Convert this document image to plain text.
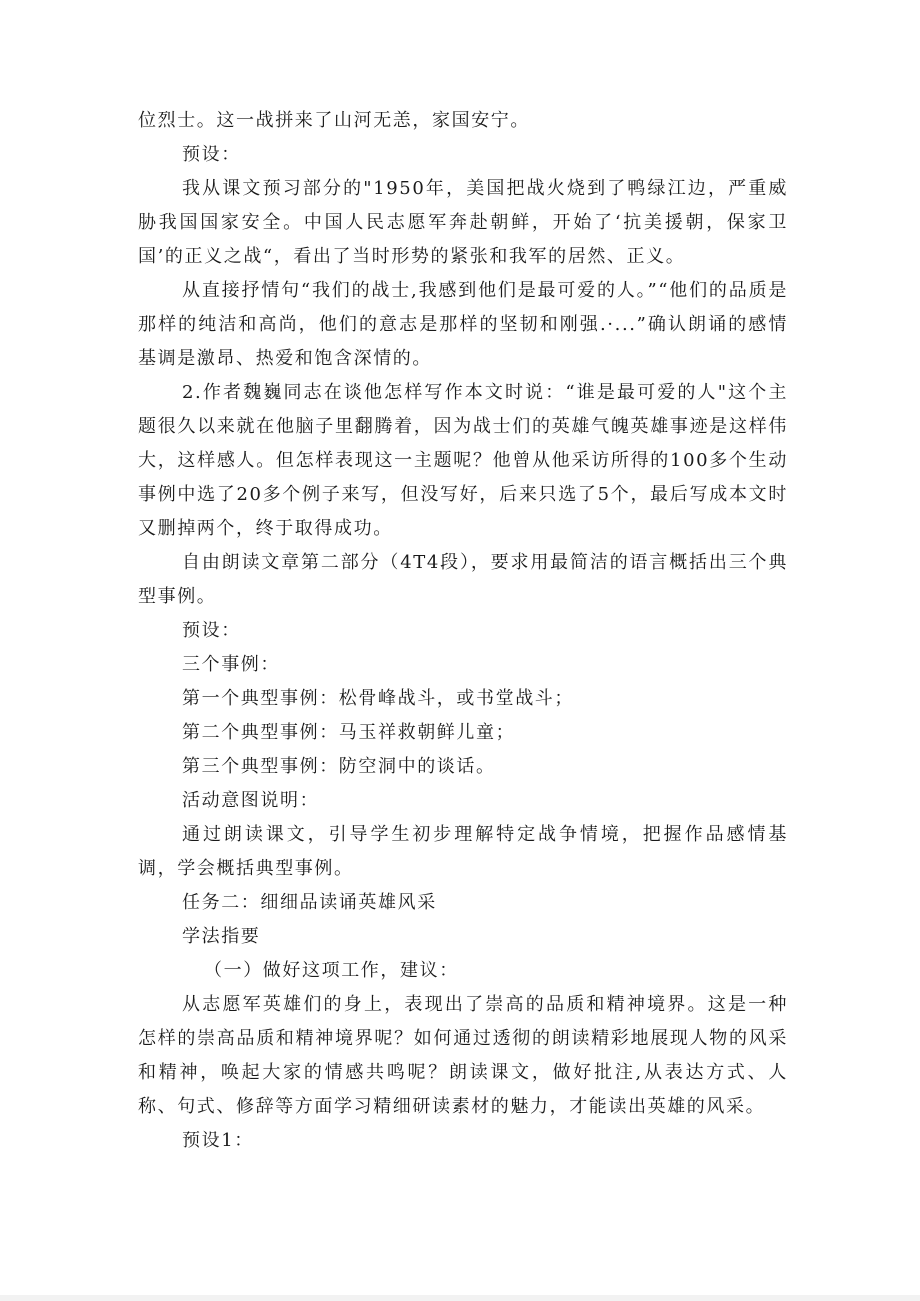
位烈士。这一战拼来了山河无恙，家国安宁。

预设：

我从课文预习部分的"1950年，美国把战火烧到了鸭绿江边，严重威胁我国国家安全。中国人民志愿军奔赴朝鲜，开始了‘抗美援朝，保家卫国’的正义之战“，看出了当时形势的紧张和我军的居然、正义。

从直接抒情句“我们的战士,我感到他们是最可爱的人。”“他们的品质是那样的纯洁和高尚，他们的意志是那样的坚韧和刚强.·...”确认朗诵的感情基调是激昂、热爱和饱含深情的。

2.作者魏巍同志在谈他怎样写作本文时说：“谁是最可爱的人"这个主题很久以来就在他脑子里翻腾着，因为战士们的英雄气魄英雄事迹是这样伟大，这样感人。但怎样表现这一主题呢？他曾从他采访所得的100多个生动事例中选了20多个例子来写，但没写好，后来只选了5个，最后写成本文时又删掉两个，终于取得成功。

自由朗读文章第二部分（4T4段），要求用最简洁的语言概括出三个典型事例。

预设：

三个事例：

第一个典型事例：松骨峰战斗，或书堂战斗；

第二个典型事例：马玉祥救朝鲜儿童；

第三个典型事例：防空洞中的谈话。

活动意图说明：

通过朗读课文，引导学生初步理解特定战争情境，把握作品感情基调，学会概括典型事例。

任务二：细细品读诵英雄风采

学法指要

（一）做好这项工作，建议：

从志愿军英雄们的身上，表现出了崇高的品质和精神境界。这是一种怎样的崇高品质和精神境界呢？如何通过透彻的朗读精彩地展现人物的风采和精神，唤起大家的情感共鸣呢？朗读课文，做好批注,从表达方式、人称、句式、修辞等方面学习精细研读素材的魅力，才能读出英雄的风采。

预设1：
